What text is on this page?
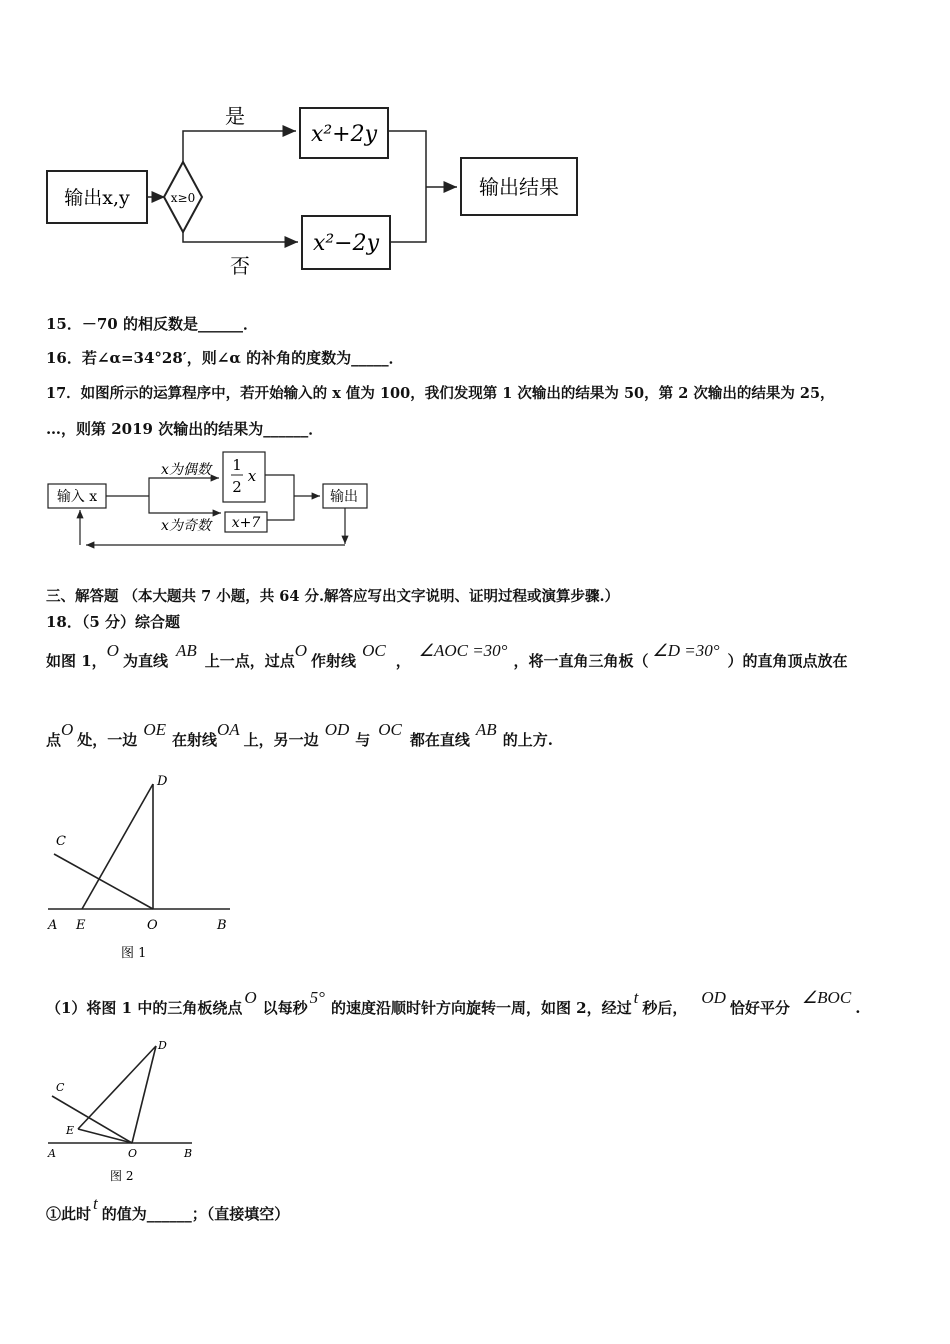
输出x,y	x≥0
是
x²+2y
否
x²−2y
输出结果
15．－70 的相反数是______．
16．若∠α=34°28′，则∠α 的补角的度数为_____．
17．如图所示的运算程序中，若开始输入的 x 值为 100，我们发现第 1 次输出的结果为 50，第 2 次输出的结果为 25，
…，则第 2019 次输出的结果为______．
输入 x
x为偶数
x为奇数
1
2
x
x+7
输出
三、解答题 （本大题共 7 小题，共 64 分.解答应写出文字说明、证明过程或演算步骤.）
18．（5 分）综合题
如图 1，O为直线AB上一点，过点O作射线OC，∠AOC =30°，将一直角三角板（∠D =30°）的直角顶点放在
点O处，一边OE在射线OA上，另一边OD与OC都在直线AB的上方.
A E	O	B
C
D
图 1
（1）将图 1 中的三角板绕点O以每秒5°的速度沿顺时针方向旋转一周，如图 2，经过t秒后，OD恰好平分∠BOC.
A
E
O	B
C
D
图 2
①此时t的值为______；（直接填空）
